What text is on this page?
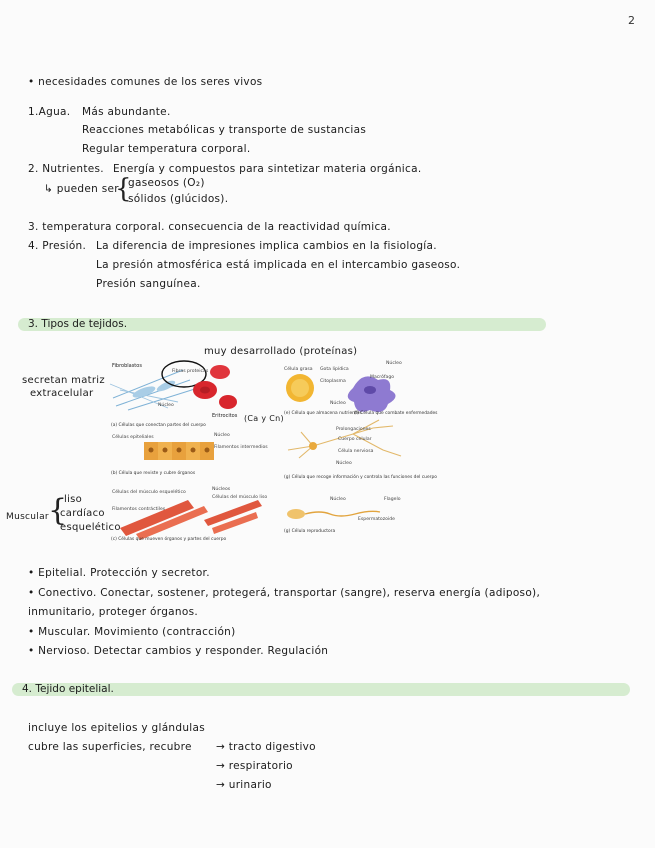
2
• necesidades comunes de los seres vivos
1.Agua. Más abundante.
Reacciones metabólicas y transporte de sustancias
Regular temperatura corporal.
2. Nutrientes. Energía y compuestos para sintetizar materia orgánica.
↳ pueden ser
{
gaseosos (O₂)
sólidos (glúcidos).
3. temperatura corporal. consecuencia de la reactividad química.
4. Presión. La diferencia de impresiones implica cambios en la fisiología.
La presión atmosférica está implicada en el intercambio gaseoso.
Presión sanguínea.
3. Tipos de tejidos.
muy desarrollado (proteínas)
secretan matriz
extracelular
(Ca y Cn)
liso
cardíaco
esquelético
Muscular {
Fibroblastos
Fibras proteicas
Eritrocitos
Núcleo
(a) Células que conectan partes del cuerpo
Célula grasa Gota lipídica
Citoplasma
Núcleo
Macrófago
Núcleo
(e) Célula que almacena nutrientes
(f) Célula que combate enfermedades
Células epiteliales	Núcleo
Filamentos intermedios
(b) Célula que reviste y cubre órganos
Prolongaciones
Cuerpo celular
Célula nerviosa
Núcleo
(g) Célula que recoge información y controla las funciones del cuerpo
Células del músculo esquelético
Filamentos contráctiles
Núcleos
Células del músculo liso
(c) Células que mueven órganos y partes del cuerpo
Núcleo	Flagelo
Espermatozoide
(g) Célula reproductora
• Epitelial. Protección y secretor.
• Conectivo. Conectar, sostener, protegerá, transportar (sangre), reserva energía (adiposo),
inmunitario, proteger órganos.
• Muscular. Movimiento (contracción)
• Nervioso. Detectar cambios y responder. Regulación
4. Tejido epitelial.
incluye los epitelios y glándulas
cubre las superficies, recubre → tracto digestivo
→ respiratorio
→ urinario
